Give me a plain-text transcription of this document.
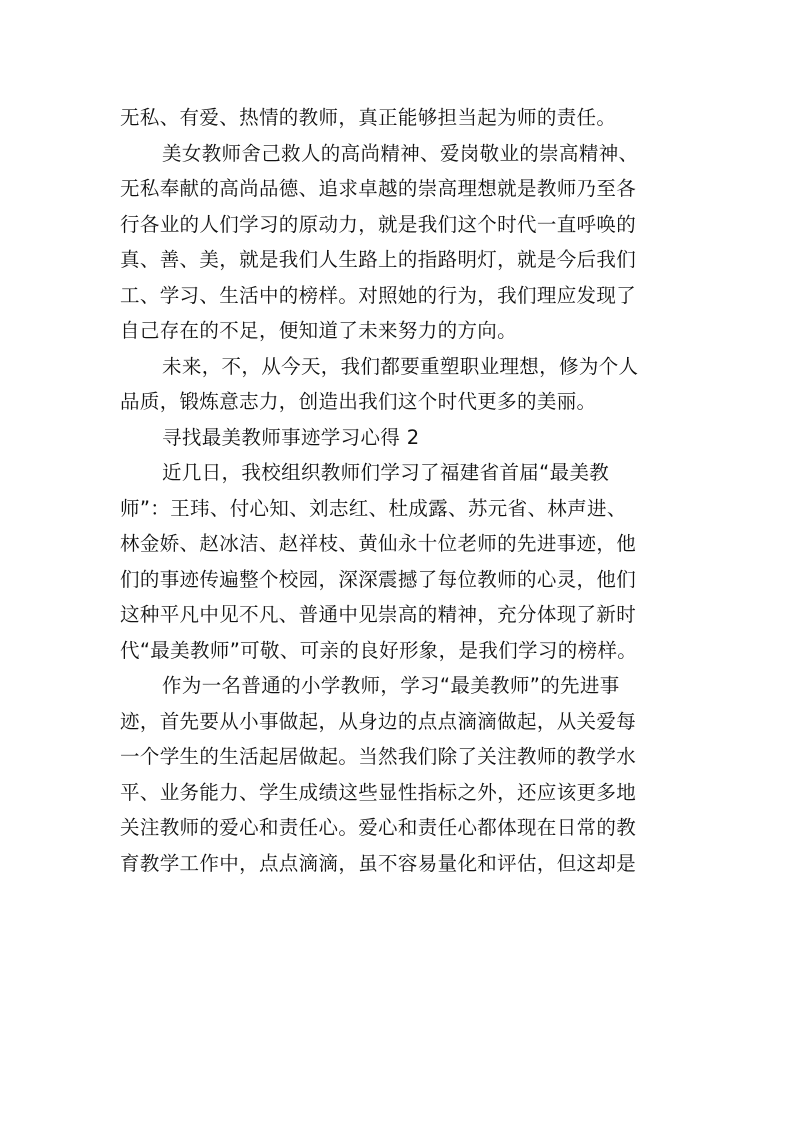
无私、有爱、热情的教师，真正能够担当起为师的责任。
美女教师舍己救人的高尚精神、爱岗敬业的崇高精神、
无私奉献的高尚品德、追求卓越的崇高理想就是教师乃至各
行各业的人们学习的原动力，就是我们这个时代一直呼唤的
真、善、美，就是我们人生路上的指路明灯，就是今后我们
工、学习、生活中的榜样。对照她的行为，我们理应发现了
自己存在的不足，便知道了未来努力的方向。
未来，不，从今天，我们都要重塑职业理想，修为个人
品质，锻炼意志力，创造出我们这个时代更多的美丽。
寻找最美教师事迹学习心得 2
近几日，我校组织教师们学习了福建省首届“最美教
师”：王玮、付心知、刘志红、杜成露、苏元省、林声进、
林金娇、赵冰洁、赵祥枝、黄仙永十位老师的先进事迹，他
们的事迹传遍整个校园，深深震撼了每位教师的心灵，他们
这种平凡中见不凡、普通中见崇高的精神，充分体现了新时
代“最美教师”可敬、可亲的良好形象，是我们学习的榜样。
作为一名普通的小学教师，学习“最美教师”的先进事
迹，首先要从小事做起，从身边的点点滴滴做起，从关爱每
一个学生的生活起居做起。当然我们除了关注教师的教学水
平、业务能力、学生成绩这些显性指标之外，还应该更多地
关注教师的爱心和责任心。爱心和责任心都体现在日常的教
育教学工作中，点点滴滴，虽不容易量化和评估，但这却是
